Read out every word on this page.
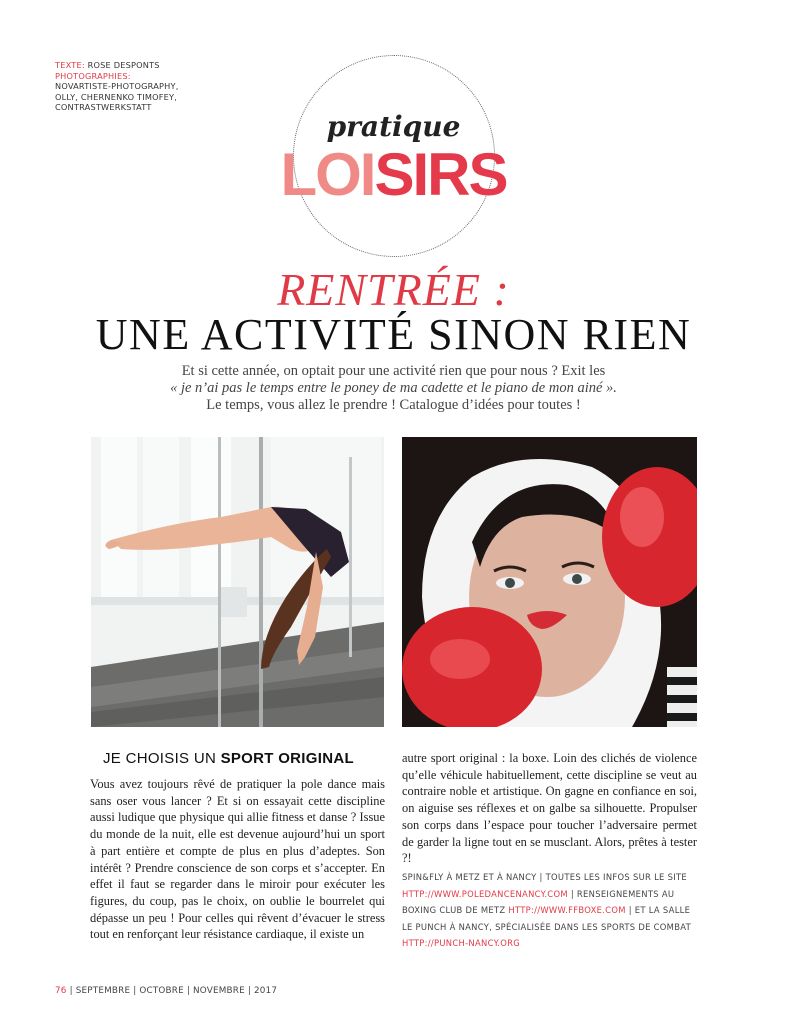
TEXTE: ROSE DESPONTS
PHOTOGRAPHIES:
NOVARTISTE-PHOTOGRAPHY,
OLLY, CHERNENKO TIMOFEY,
CONTRASTWERKSTATT
pratique
LOISIRS
RENTRÉE :
UNE ACTIVITÉ SINON RIEN
Et si cette année, on optait pour une activité rien que pour nous ? Exit les
« je n’ai pas le temps entre le poney de ma cadette et le piano de mon ainé ».
Le temps, vous allez le prendre ! Catalogue d’idées pour toutes !
JE CHOISIS UN SPORT ORIGINAL

Vous avez toujours rêvé de pratiquer la pole dance mais sans oser vous lancer ? Et si on essayait cette discipline aussi ludique que physique qui allie fitness et danse ? Issue du monde de la nuit, elle est devenue aujourd’hui un sport à part entière et compte de plus en plus d’adeptes. Son intérêt ? Prendre conscience de son corps et s’accepter. En effet il faut se regarder dans le miroir pour exécuter les figures, du coup, pas le choix, on oublie le bourrelet qui dépasse un peu ! Pour celles qui rêvent d’évacuer le stress tout en renforçant leur résistance cardiaque, il existe un

autre sport original : la boxe. Loin des clichés de violence qu’elle véhicule habituellement, cette discipline se veut au contraire noble et artistique. On gagne en confiance en soi, on aiguise ses réflexes et on galbe sa silhouette. Propulser son corps dans l’espace pour toucher l’adversaire permet de garder la ligne tout en se musclant. Alors, prêtes à tester ?!

SPIN&FLY À METZ ET À NANCY | TOUTES LES INFOS SUR LE SITE HTTP://WWW.POLEDANCENANCY.COM | RENSEIGNEMENTS AU BOXING CLUB DE METZ HTTP://WWW.FFBOXE.COM | ET LA SALLE LE PUNCH À NANCY, SPÉCIALISÉE DANS LES SPORTS DE COMBAT HTTP://PUNCH-NANCY.ORG

76 | SEPTEMBRE | OCTOBRE | NOVEMBRE | 2017
